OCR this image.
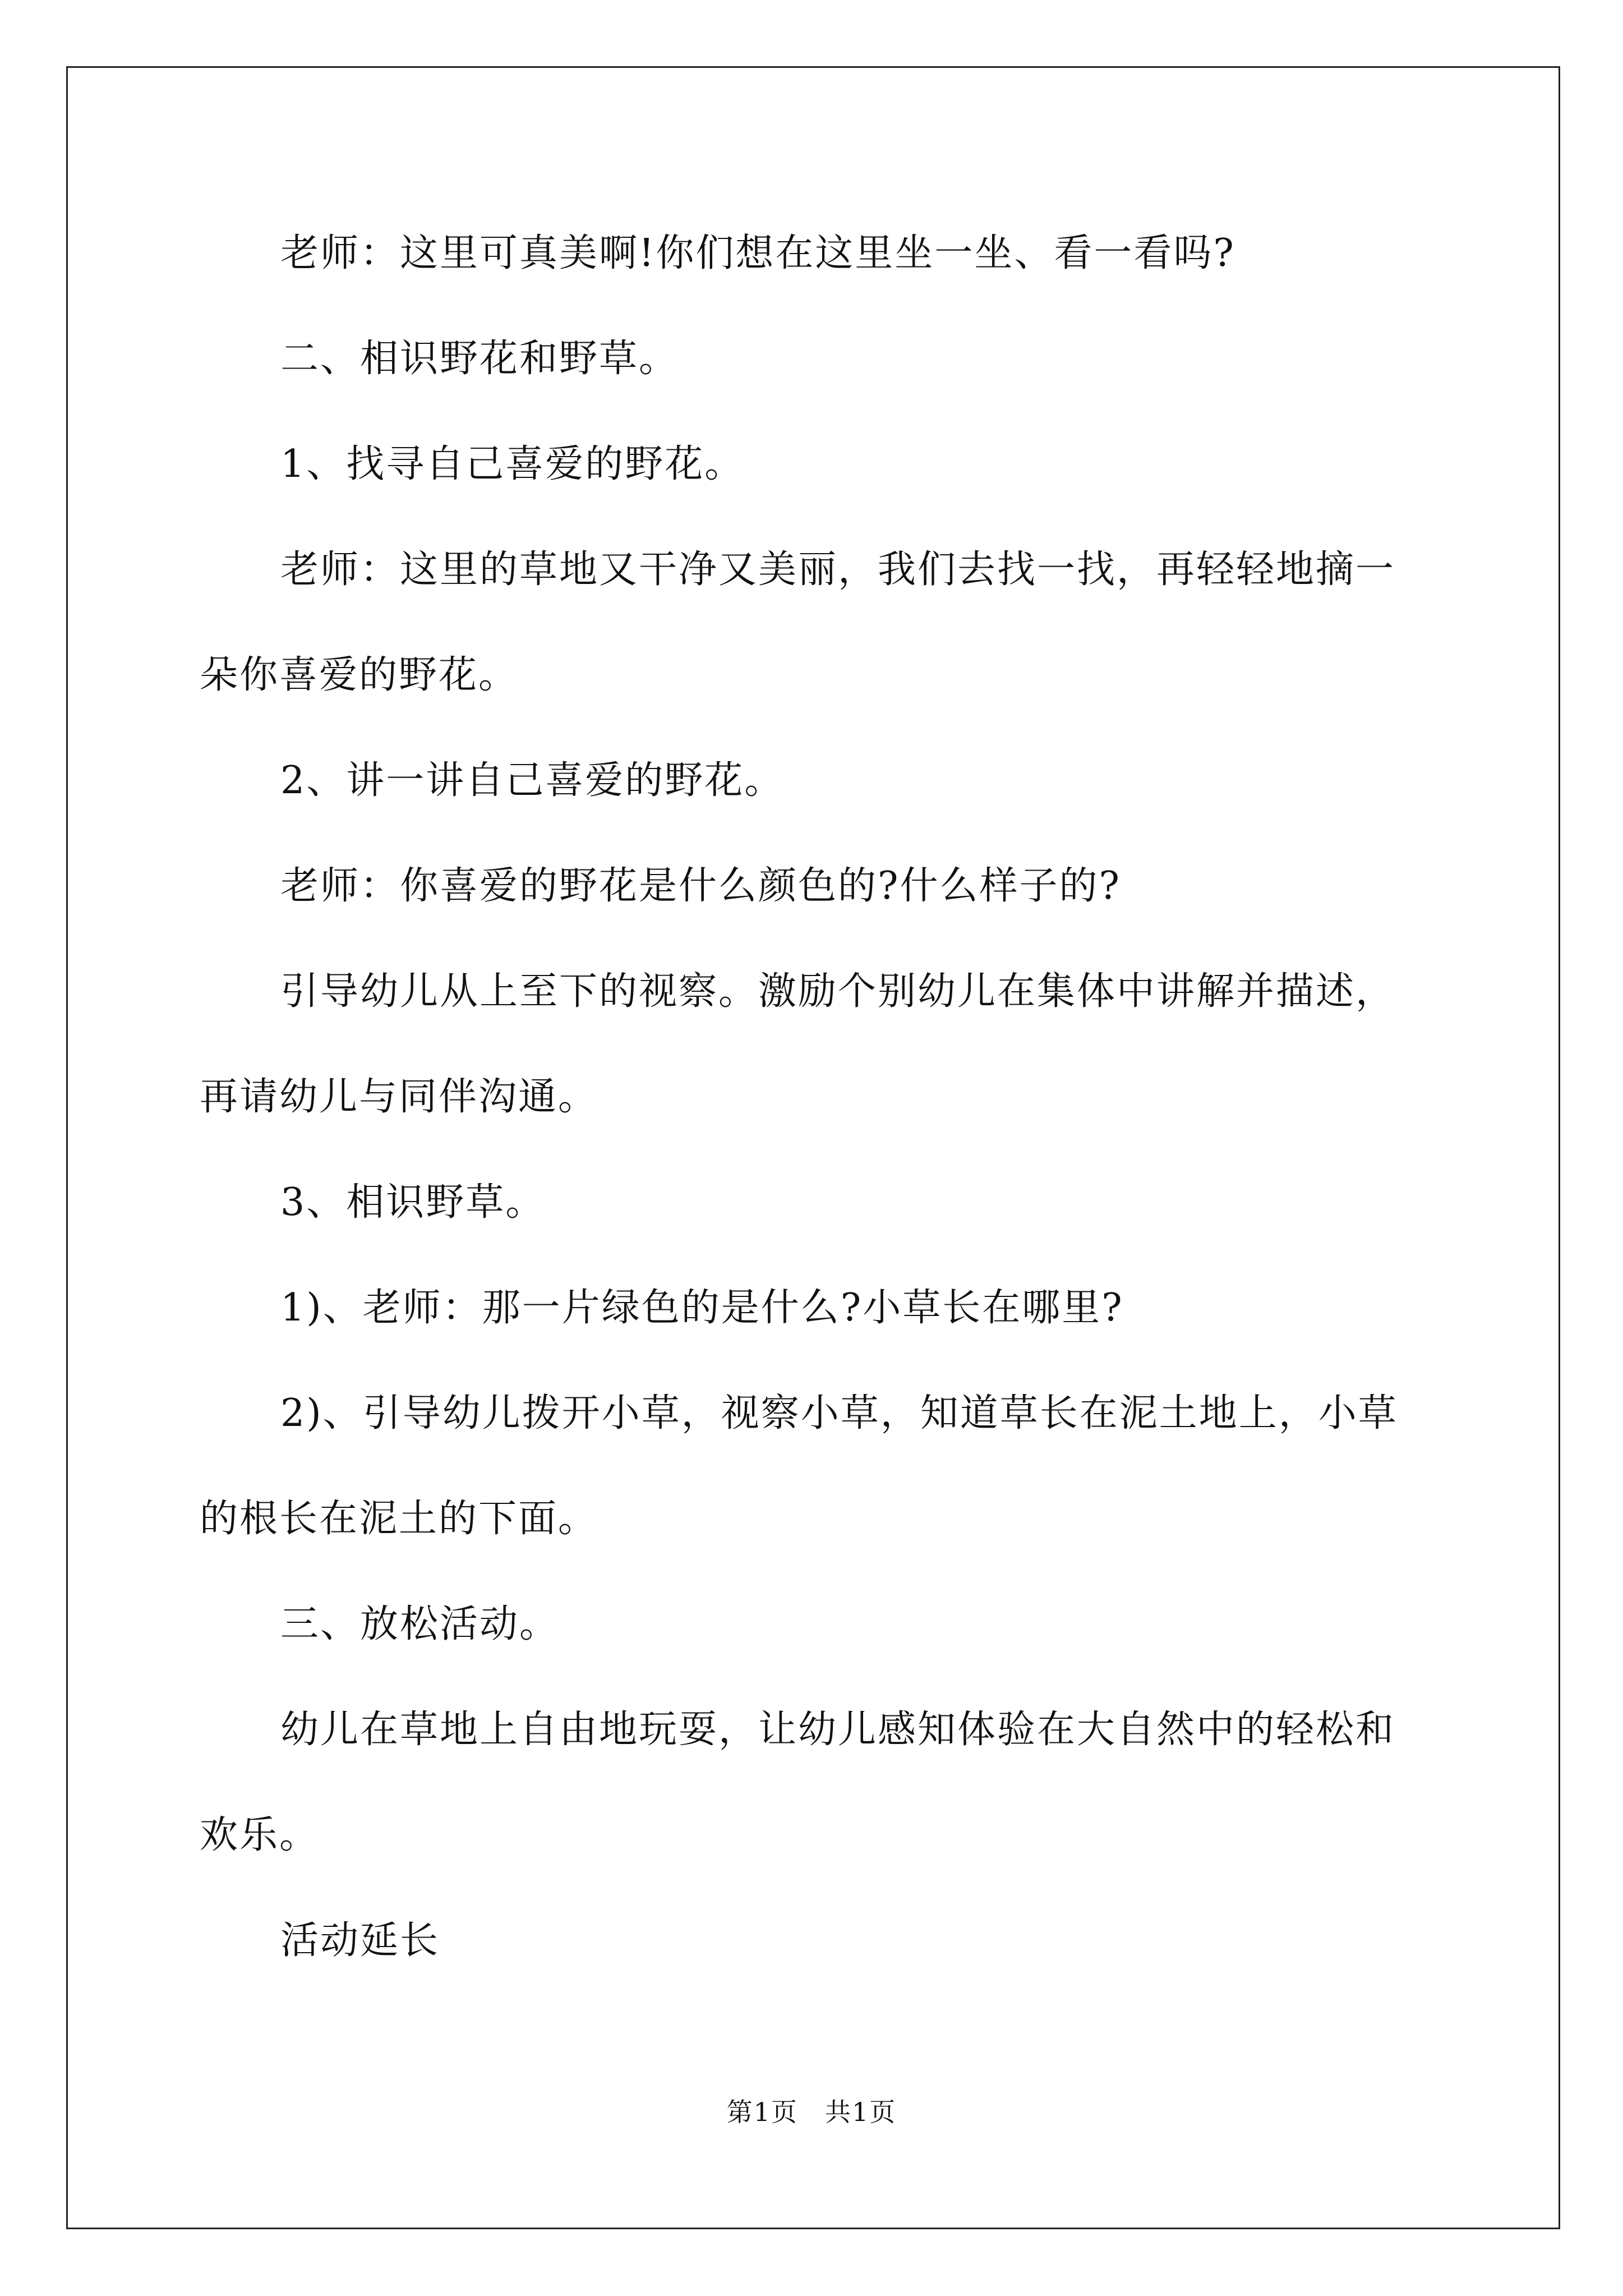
老师：这里可真美啊!你们想在这里坐一坐、看一看吗?
二、相识野花和野草。
1、找寻自己喜爱的野花。
老师：这里的草地又干净又美丽，我们去找一找，再轻轻地摘一
朵你喜爱的野花。
2、讲一讲自己喜爱的野花。
老师：你喜爱的野花是什么颜色的?什么样子的?
引导幼儿从上至下的视察。激励个别幼儿在集体中讲解并描述，
再请幼儿与同伴沟通。
3、相识野草。
1)、老师：那一片绿色的是什么?小草长在哪里?
2)、引导幼儿拨开小草，视察小草，知道草长在泥土地上，小草
的根长在泥土的下面。
三、放松活动。
幼儿在草地上自由地玩耍，让幼儿感知体验在大自然中的轻松和
欢乐。
活动延长
第1页　共1页
